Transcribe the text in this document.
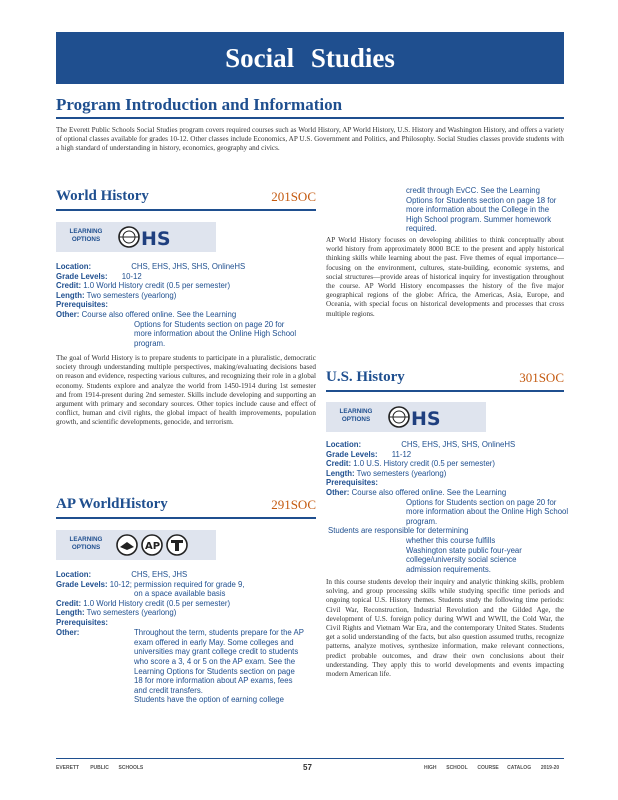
Social Studies
Program Introduction and Information
The Everett Public Schools Social Studies program covers required courses such as World History, AP World History, U.S. History and Washington History, and offers a variety of optional classes available for grades 10-12. Other classes include Economics, AP U.S. Government and Politics, and Philosophy. Social Studies classes provide students with a high standard of understanding in history, economics, geography and civics.
World History	201SOC
LEARNING OPTIONS	HS
Location:	CHS, EHS, JHS, SHS, OnlineHS
Grade Levels: 10-12
Credit: 1.0 World History credit (0.5 per semester)
Length: Two semesters (yearlong)
Prerequisites:
Other: Course also offered online. See the Learning
Options for Students section on page 20 for more information about the Online High School program.
The goal of World History is to prepare students to participate in a pluralistic, democratic society through understanding multiple perspectives, making/evaluating decisions based on reason and evidence, respecting various cultures, and recognizing their role in a global economy. Students explore and analyze the world from 1450-1914 during 1st semester and from 1914-present during 2nd semester. Skills include developing and supporting an argument with primary and secondary sources. Other topics include cause and effect of conflict, human and civil rights, the global impact of health improvements, population growth, and scientific developments, genocide, and terrorism.
AP WorldHistory	291SOC
LEARNING OPTIONS	AP
Location:	CHS, EHS, JHS
Grade Levels: 10-12; permission required for grade 9,
on a space available basis
Credit: 1.0 World History credit (0.5 per semester)
Length: Two semesters (yearlong)
Prerequisites:
Other:	Throughout the term, students prepare for the AP exam offered in early May. Some colleges and universities may grant college credit to students who score a 3, 4 or 5 on the AP exam. See the Learning Options for Students section on page 18 for more information about AP exams, fees and credit transfers.
Students have the option of earning college
credit through EvCC. See the Learning Options for Students section on page 18 for more information about the College in the High School program. Summer homework required.
AP World History focuses on developing abilities to think conceptually about world history from approximately 8000 BCE to the present and apply historical thinking skills while learning about the past. Five themes of equal importance—focusing on the environment, cultures, state-building, economic systems, and social structures—provide areas of historical inquiry for investigation throughout the course. AP World History encompasses the history of the five major geographical regions of the globe: Africa, the Americas, Asia, Europe, and Oceania, with special focus on historical developments and processes that cross multiple regions.
U.S. History	301SOC
LEARNING OPTIONS	HS
Location:	CHS, EHS, JHS, SHS, OnlineHS
Grade Levels: 11-12
Credit: 1.0 U.S. History credit (0.5 per semester)
Length: Two semesters (yearlong)
Prerequisites:
Other: Course also offered online. See the Learning
Options for Students section on page 20 for more information about the Online High School program.
Students are responsible for determining
whether this course fulfills Washington state public four-year college/university social science admission requirements.
In this course students develop their inquiry and analytic thinking skills, problem solving, and group processing skills while studying specific time periods and ongoing topical U.S. History themes. Students study the following time periods: Civil War, Reconstruction, Industrial Revolution and the Gilded Age, the development of U.S. foreign policy during WWI and WWII, the Cold War, the Civil Rights and Vietnam War Era, and the contemporary United States. Students get a solid understanding of the facts, but also question assumed truths, recognize patterns, analyze motives, synthesize information, make relevant connections, predict probable outcomes, and draw their own conclusions about their understanding. They apply this to world developments and events impacting modern American life.
EVERETT PUBLIC SCHOOLS	57	HIGH SCHOOL COURSE CATALOG 2019-20
